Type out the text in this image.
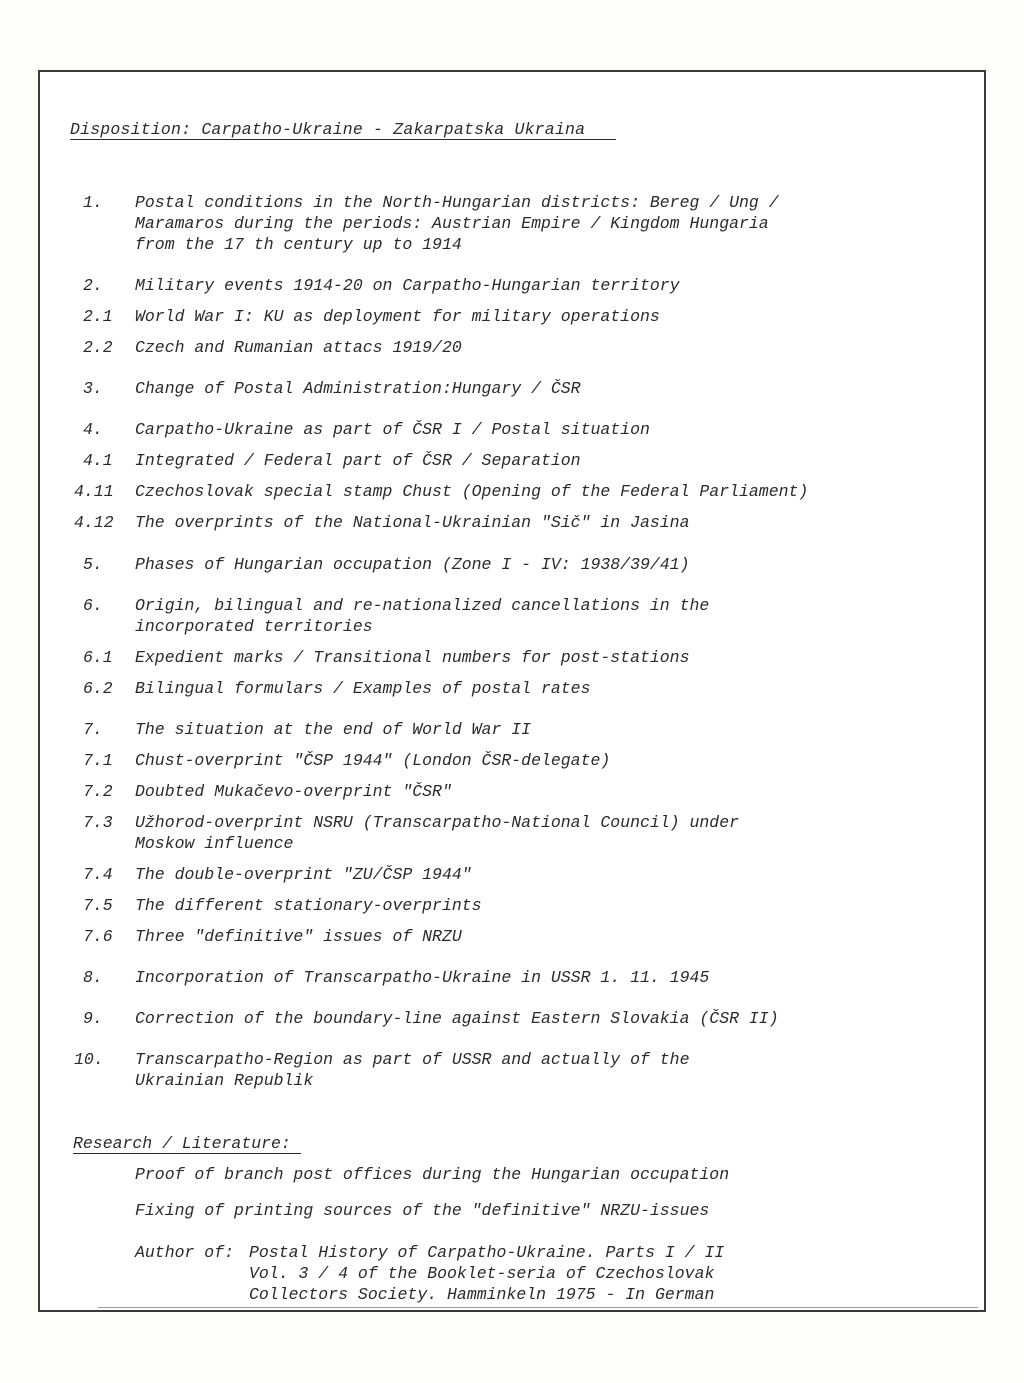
Disposition: Carpatho-Ukraine - Zakarpatska Ukraina
1. Postal conditions in the North-Hungarian districts: Bereg / Ung /
Maramaros during the periods: Austrian Empire / Kingdom Hungaria
from the 17 th century up to 1914
2. Military events 1914-20 on Carpatho-Hungarian territory
2.1 World War I: KU as deployment for military operations
2.2 Czech and Rumanian attacs 1919/20
3. Change of Postal Administration:Hungary / ČSR
4. Carpatho-Ukraine as part of ČSR I / Postal situation
4.1 Integrated / Federal part of ČSR / Separation
4.11 Czechoslovak special stamp Chust (Opening of the Federal Parliament)
4.12 The overprints of the National-Ukrainian "Sič" in Jasina
5. Phases of Hungarian occupation (Zone I - IV: 1938/39/41)
6. Origin, bilingual and re-nationalized cancellations in the
incorporated territories
6.1 Expedient marks / Transitional numbers for post-stations
6.2 Bilingual formulars / Examples of postal rates
7. The situation at the end of World War II
7.1 Chust-overprint "ČSP 1944" (London ČSR-delegate)
7.2 Doubted Mukačevo-overprint "ČSR"
7.3 Užhorod-overprint NSRU (Transcarpatho-National Council) under
Moskow influence
7.4 The double-overprint "ZU/ČSP 1944"
7.5 The different stationary-overprints
7.6 Three "definitive" issues of NRZU
8. Incorporation of Transcarpatho-Ukraine in USSR 1. 11. 1945
9. Correction of the boundary-line against Eastern Slovakia (ČSR II)
10. Transcarpatho-Region as part of USSR and actually of the
Ukrainian Republik
Research / Literature:
Proof of branch post offices during the Hungarian occupation
Fixing of printing sources of the "definitive" NRZU-issues
Author of: Postal History of Carpatho-Ukraine. Parts I / II
Vol. 3 / 4 of the Booklet-seria of Czechoslovak
Collectors Society. Hamminkeln 1975 - In German
